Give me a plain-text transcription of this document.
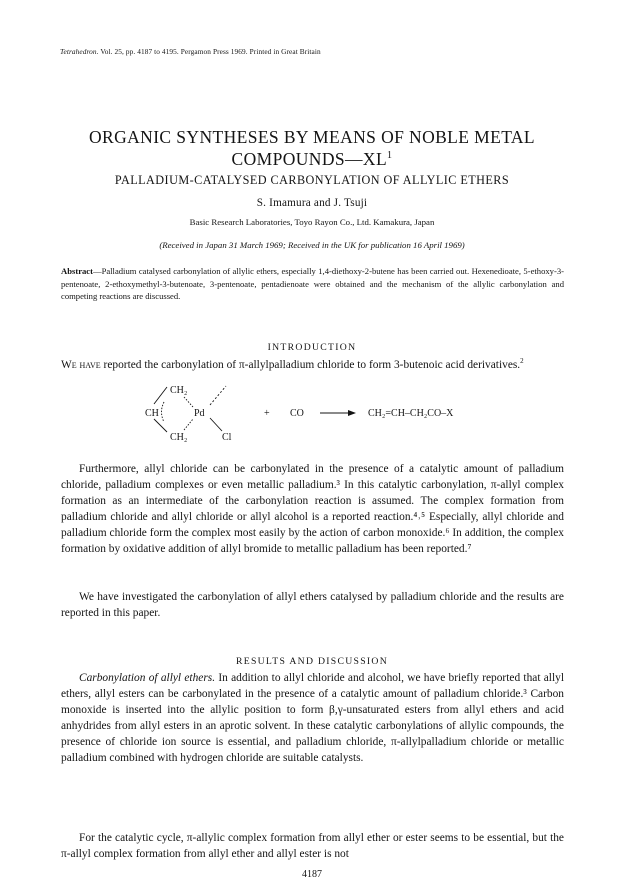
Tetrahedron. Vol. 25, pp. 4187 to 4195. Pergamon Press 1969. Printed in Great Britain
ORGANIC SYNTHESES BY MEANS OF NOBLE METAL
$COMPOUNDS—XL^1$
PALLADIUM-CATALYSED CARBONYLATION OF ALLYLIC ETHERS
S. Imamura and J. Tsuji
Basic Research Laboratories, Toyo Rayon Co., Ltd. Kamakura, Japan
(Received in Japan 31 March 1969; Received in the UK for publication 16 April 1969)
Abstract—Palladium catalysed carbonylation of allylic ethers, especially 1,4-diethoxy-2-butene has been carried out. Hexenedioate, 5-ethoxy-3-pentenoate, 2-ethoxymethyl-3-butenoate, 3-pentenoate, pentadienoate were obtained and the mechanism of the allylic carbonylation and competing reactions are discussed.
INTRODUCTION
We have reported the carbonylation of π-allylpalladium chloride to form 3-butenoic acid derivatives.$^2$
CH₂
CH	Pd
CH₂	Cl
+ CO	CH₂=CH–CH₂CO–X
Furthermore, allyl chloride can be carbonylated in the presence of a catalytic amount of palladium chloride, palladium complexes or even metallic palladium.³ In this catalytic carbonylation, π-allyl complex formation as an intermediate of the carbonylation reaction is assumed. The complex formation from palladium chloride and allyl chloride or allyl alcohol is a reported reaction.⁴˒⁵ Especially, allyl chloride and palladium chloride form the complex most easily by the action of carbon monoxide.⁶ In addition, the complex formation by oxidative addition of allyl bromide to metallic palladium has been reported.⁷
We have investigated the carbonylation of allyl ethers catalysed by palladium chloride and the results are reported in this paper.
RESULTS AND DISCUSSION
Carbonylation of allyl ethers. In addition to allyl chloride and alcohol, we have briefly reported that allyl ethers, allyl esters can be carbonylated in the presence of a catalytic amount of palladium chloride.³ Carbon monoxide is inserted into the allylic position to form β,γ-unsaturated esters from allyl ethers and acid anhydrides from allyl esters in an aprotic solvent. In these catalytic carbonylations of allylic compounds, the presence of chloride ion source is essential, and palladium chloride, π-allylpalladium chloride or metallic palladium combined with hydrogen chloride are suitable catalysts.
For the catalytic cycle, π-allylic complex formation from allyl ether or ester seems to be essential, but the π-allyl complex formation from allyl ether and allyl ester is not
4187
